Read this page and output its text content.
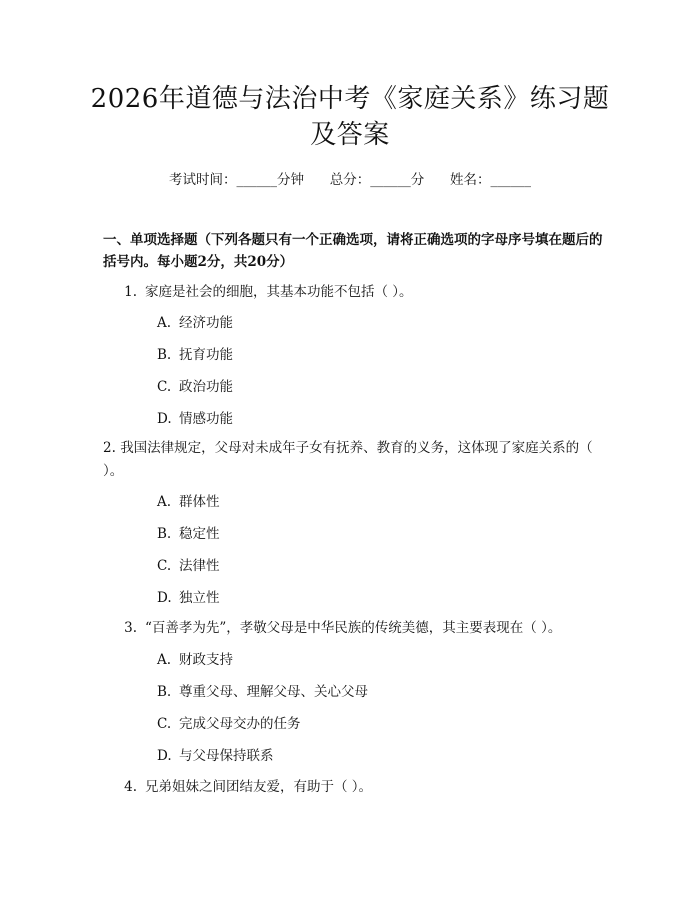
2026年道德与法治中考《家庭关系》练习题
及答案
考试时间：______分钟      总分：______分      姓名：______
一、单项选择题（下列各题只有一个正确选项，请将正确选项的字母序号填在题后的括号内。每小题2分，共20分）
1. 家庭是社会的细胞，其基本功能不包括（ ）。
A. 经济功能
B. 抚育功能
C. 政治功能
D. 情感功能
2. 我国法律规定，父母对未成年子女有抚养、教育的义务，这体现了家庭关系的（ ）。
A. 群体性
B. 稳定性
C. 法律性
D. 独立性
3. “百善孝为先”，孝敬父母是中华民族的传统美德，其主要表现在（ ）。
A. 财政支持
B. 尊重父母、理解父母、关心父母
C. 完成父母交办的任务
D. 与父母保持联系
4. 兄弟姐妹之间团结友爱，有助于（ ）。
